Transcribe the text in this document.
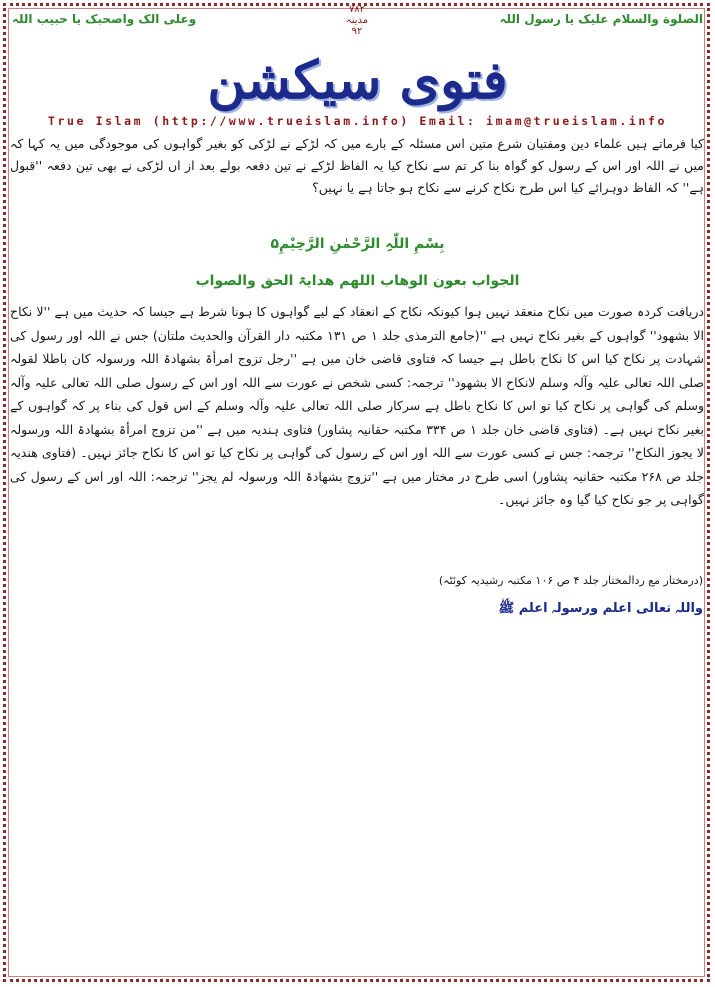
الصلوة والسلام علیک یا رسول اللہ
وعلی الک واصحبک یا حبیب اللہ
۷۸۲
مدینہ
۹۲
فتوی سیکشن
True Islam (http://www.trueislam.info) Email: imam@trueislam.info
کیا فرماتے ہیں علماء دین ومفتیان شرع متین اس مسئلہ کے بارے میں کہ لڑکے نے لڑکی کو بغیر گواہوں کی موجودگی میں یہ کہا کہ میں نے اللہ اور اس کے رسول کو گواہ بنا کر تم سے نکاح کیا یہ الفاظ لڑکے نے تین دفعہ بولے بعد از اں لڑکی نے بھی تین دفعہ ''قبول ہے'' کہ الفاظ دوہرائے کیا اس طرح نکاح کرنے سے نکاح ہو جاتا ہے یا نہیں؟
بِسْمِ اللّٰہِ الرَّحْمٰنِ الرَّحِیْمِ۵
الجواب بعون الوھاب اللھم ھدایۃ الحق والصواب
دریافت کردہ صورت میں نکاح منعقد نہیں ہوا کیونکہ نکاح کے انعقاد کے لیے گواہوں کا ہونا شرط ہے جیسا کہ حدیث میں ہے ''لا نکاح الا بشھود'' گواہوں کے بغیر نکاح نہیں ہے ''(جامع الترمذی جلد ۱ ص ۱۳۱ مکتبہ دار القرآن والحدیث ملتان) جس نے اللہ اور رسول کی شہادت پر نکاح کیا اس کا نکاح باطل ہے جیسا کہ فتاوی قاضی خان میں ہے ''رجل تزوج امرأۃ بشھادۃ اللہ ورسولہ کان باطلا لقولہ صلی اللہ تعالی علیہ وآلہ وسلم لانکاح الا بشھود'' ترجمہ: کسی شخص نے عورت سے اللہ اور اس کے رسول صلی اللہ تعالی علیہ وآلہ وسلم کی گواہی پر نکاح کیا تو اس کا نکاح باطل ہے سرکار صلی اللہ تعالی علیہ وآلہ وسلم کے اس قول کی بناء پر کہ گواہوں کے بغیر نکاح نہیں ہے۔ (فتاوی قاضی خان جلد ۱ ص ۳۳۴ مکتبہ حقانیہ پشاور) فتاوی ہندیہ میں ہے ''من تزوج امرأۃ بشھادۃ اللہ ورسولہ لا یجوز النکاح'' ترجمہ: جس نے کسی عورت سے اللہ اور اس کے رسول کی گواہی پر نکاح کیا تو اس کا نکاح جائز نہیں۔ (فتاوی ھندیہ جلد ص ۲۶۸ مکتبہ حقانیہ پشاور) اسی طرح در مختار میں ہے ''تزوج بشھادۃ اللہ ورسولہ لم یجز'' ترجمہ: اللہ اور اس کے رسول کی گواہی پر جو نکاح کیا گیا وہ جائز نہیں۔
(درمختار مع ردالمختار جلد ۴ ص ۱۰۶ مکتبہ رشیدیہ کوئٹہ)
واللہ تعالی اعلم ورسولہ اعلم ﷺ
